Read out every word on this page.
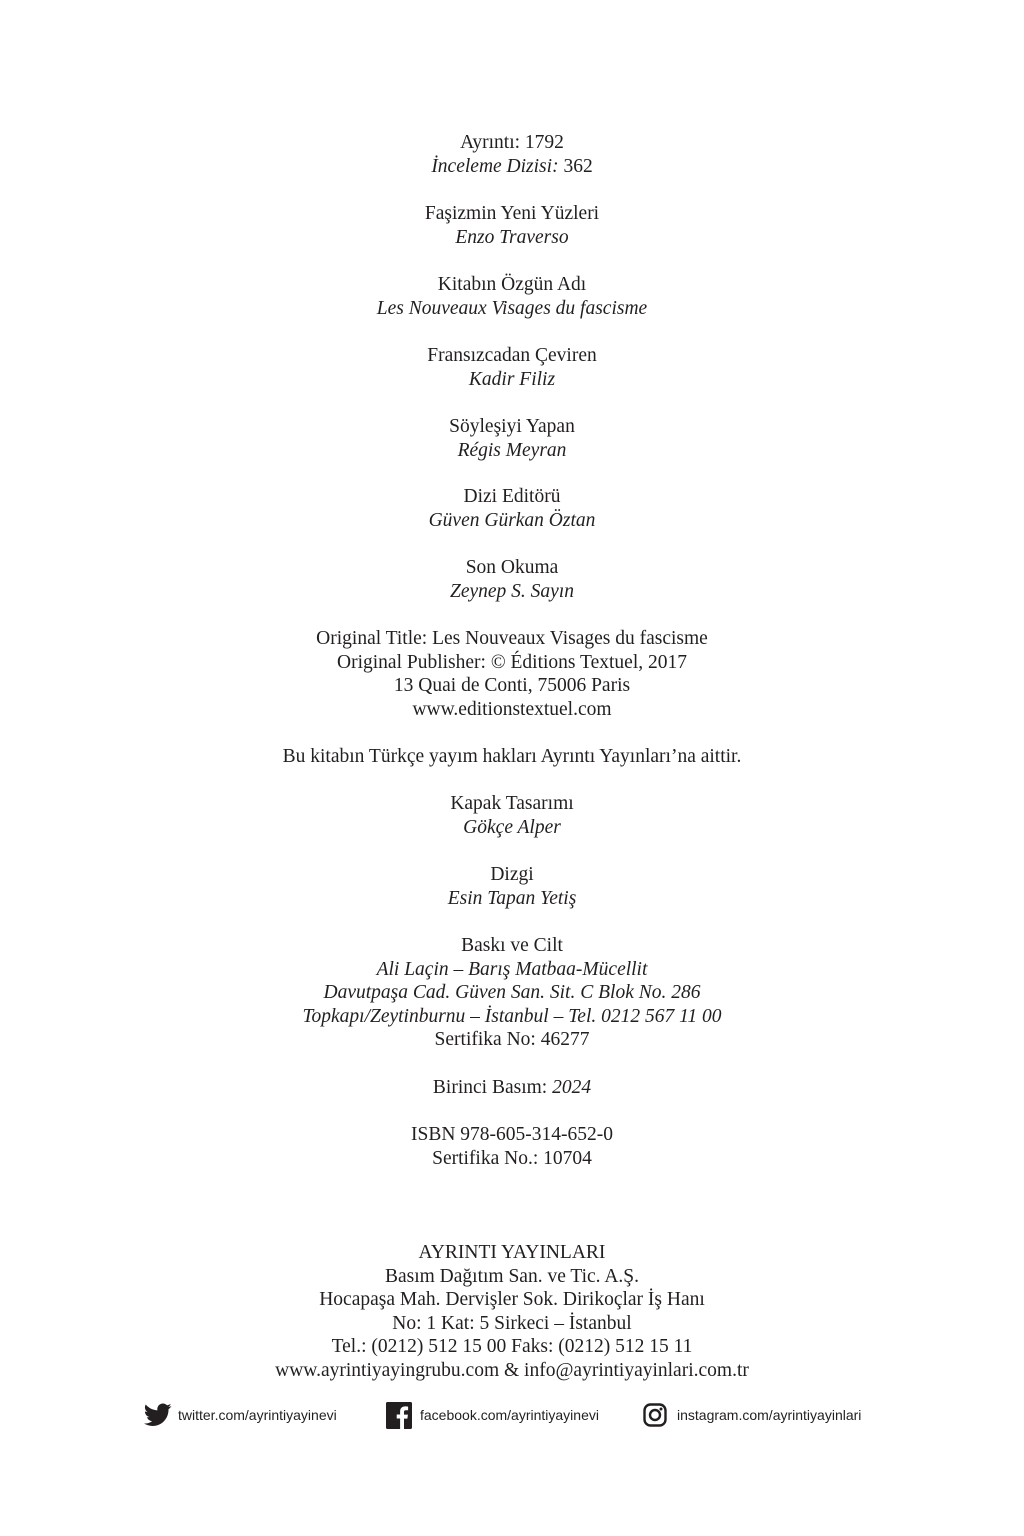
Ayrıntı: 1792
İnceleme Dizisi: 362
Faşizmin Yeni Yüzleri
Enzo Traverso
Kitabın Özgün Adı
Les Nouveaux Visages du fascisme
Fransızcadan Çeviren
Kadir Filiz
Söyleşiyi Yapan
Régis Meyran
Dizi Editörü
Güven Gürkan Öztan
Son Okuma
Zeynep S. Sayın
Original Title: Les Nouveaux Visages du fascisme
Original Publisher: © Éditions Textuel, 2017
13 Quai de Conti, 75006 Paris
www.editionstextuel.com
Bu kitabın Türkçe yayım hakları Ayrıntı Yayınları’na aittir.
Kapak Tasarımı
Gökçe Alper
Dizgi
Esin Tapan Yetiş
Baskı ve Cilt
Ali Laçin – Barış Matbaa-Mücellit
Davutpaşa Cad. Güven San. Sit. C Blok No. 286
Topkapı/Zeytinburnu – İstanbul – Tel. 0212 567 11 00
Sertifika No: 46277
Birinci Basım: 2024
ISBN 978-605-314-652-0
Sertifika No.: 10704
AYRINTI YAYINLARI
Basım Dağıtım San. ve Tic. A.Ş.
Hocapaşa Mah. Dervişler Sok. Dirikoçlar İş Hanı
No: 1 Kat: 5 Sirkeci – İstanbul
Tel.: (0212) 512 15 00 Faks: (0212) 512 15 11
www.ayrintiyayingrubu.com & info@ayrintiyayinlari.com.tr
twitter.com/ayrintiyayinevi	facebook.com/ayrintiyayinevi	instagram.com/ayrintiyayinlari
